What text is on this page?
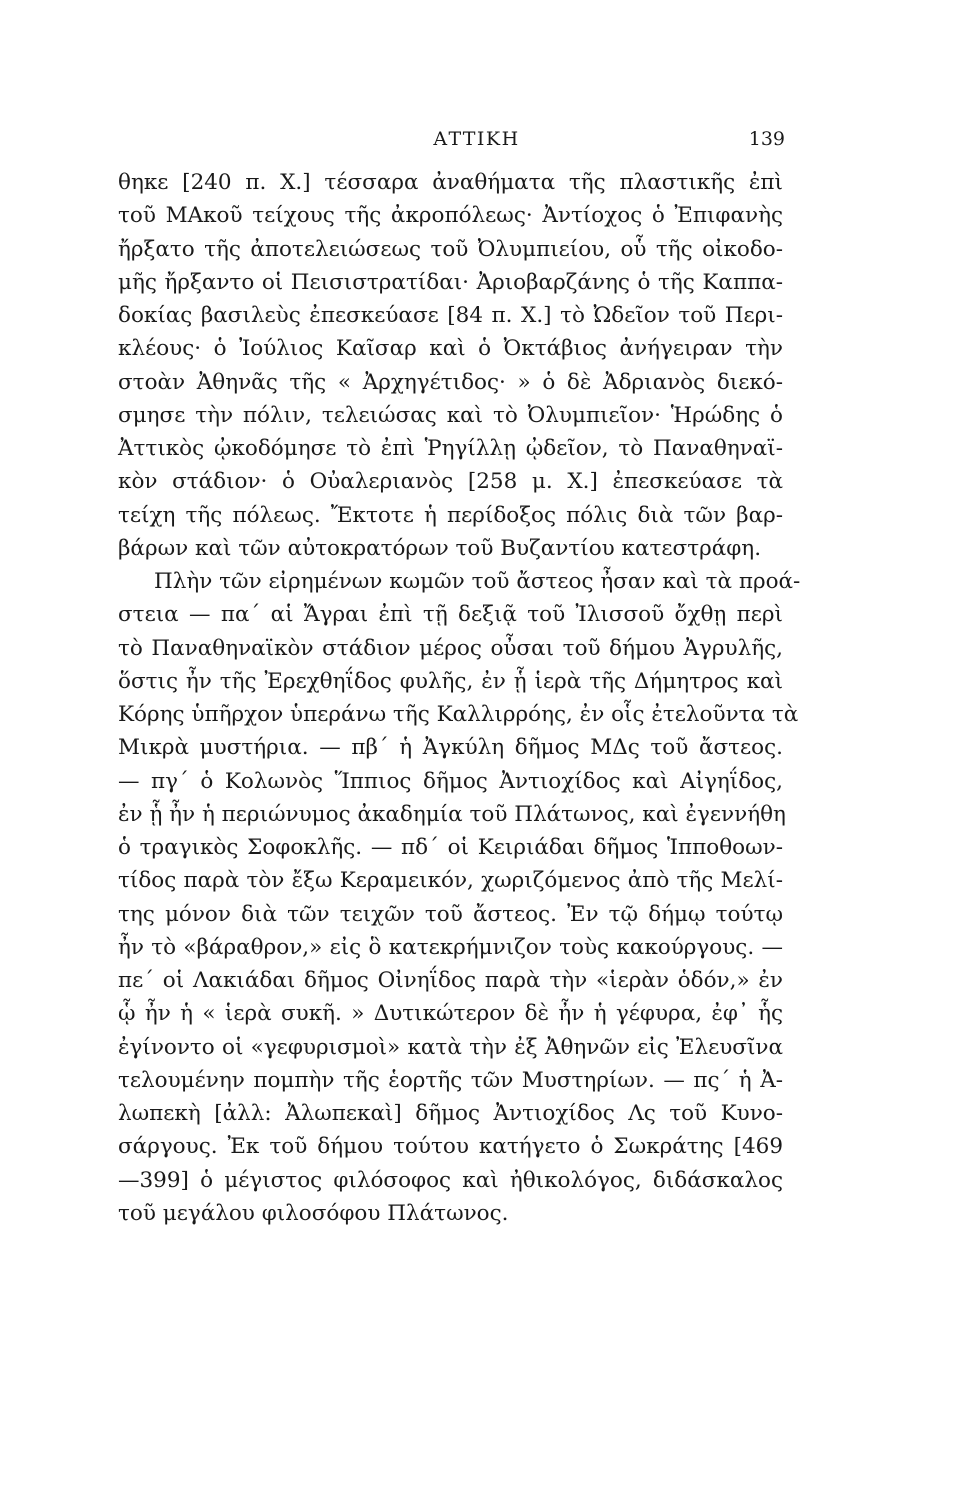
ΑΤΤΙΚΗ	139
θηκε [240 π. Χ.] τέσσαρα ἀναθήματα τῆς πλαστικῆς ἐπὶ
τοῦ ΜΑκοῦ τείχους τῆς ἀκροπόλεως· Ἀντίοχος ὁ Ἐπιφανὴς
ἤρξατο τῆς ἀποτελειώσεως τοῦ Ὀλυμπιείου, οὗ τῆς οἰκοδο-
μῆς ἤρξαντο οἱ Πεισιστρατίδαι· Ἀριοβαρζάνης ὁ τῆς Καππα-
δοκίας βασιλεὺς ἐπεσκεύασε [84 π. Χ.] τὸ Ὠδεῖον τοῦ Περι-
κλέους· ὁ Ἰούλιος Καῖσαρ καὶ ὁ Ὀκτάβιος ἀνήγειραν τὴν
στοὰν Ἀθηνᾶς τῆς « Ἀρχηγέτιδος· » ὁ δὲ Ἀδριανὸς διεκό-
σμησε τὴν πόλιν, τελειώσας καὶ τὸ Ὀλυμπιεῖον· Ἡρώδης ὁ
Ἀττικὸς ᾠκοδόμησε τὸ ἐπὶ Ῥηγίλλῃ ᾠδεῖον, τὸ Παναθηναϊ-
κὸν στάδιον· ὁ Οὐαλεριανὸς [258 μ. Χ.] ἐπεσκεύασε τὰ
τείχη τῆς πόλεως. Ἔκτοτε ἡ περίδοξος πόλις διὰ τῶν βαρ-
βάρων καὶ τῶν αὐτοκρατόρων τοῦ Βυζαντίου κατεστράφη.
Πλὴν τῶν εἰρημένων κωμῶν τοῦ ἄστεος ἦσαν καὶ τὰ προά-
στεια — πα΄ αἱ Ἄγραι ἐπὶ τῇ δεξιᾷ τοῦ Ἰλισσοῦ ὄχθῃ περὶ
τὸ Παναθηναϊκὸν στάδιον μέρος οὖσαι τοῦ δήμου Ἀγρυλῆς,
ὅστις ἦν τῆς Ἐρεχθηΐδος φυλῆς, ἐν ᾗ ἱερὰ τῆς Δήμητρος καὶ
Κόρης ὑπῆρχον ὑπεράνω τῆς Καλλιρρόης, ἐν οἷς ἐτελοῦντα τὰ
Μικρὰ μυστήρια. — πβ΄ ἡ Ἀγκύλη δῆμος ΜΔς τοῦ ἄστεος.
— πγ΄ ὁ Κολωνὸς Ἵππιος δῆμος Ἀντιοχίδος καὶ Αἰγηΐδος,
ἐν ᾗ ἦν ἡ περιώνυμος ἀκαδημία τοῦ Πλάτωνος, καὶ ἐγεννήθη
ὁ τραγικὸς Σοφοκλῆς. — πδ΄ οἱ Κειριάδαι δῆμος Ἱπποθοων-
τίδος παρὰ τὸν ἔξω Κεραμεικόν, χωριζόμενος ἀπὸ τῆς Μελί-
της μόνον διὰ τῶν τειχῶν τοῦ ἄστεος. Ἐν τῷ δήμῳ τούτῳ
ἦν τὸ «βάραθρον,» εἰς ὃ κατεκρήμνιζον τοὺς κακούργους. —
πε΄ οἱ Λακιάδαι δῆμος Οἰνηΐδος παρὰ τὴν «ἱερὰν ὁδόν,» ἐν
ᾧ ἦν ἡ « ἱερὰ συκῆ. » Δυτικώτερον δὲ ἦν ἡ γέφυρα, ἐφ᾽ ἧς
ἐγίνοντο οἱ «γεφυρισμοὶ» κατὰ τὴν ἐξ Ἀθηνῶν εἰς Ἐλευσῖνα
τελουμένην πομπὴν τῆς ἑορτῆς τῶν Μυστηρίων. — πς΄ ἡ Ἀ-
λωπεκὴ [ἀλλ: Ἀλωπεκαὶ] δῆμος Ἀντιοχίδος Λς τοῦ Κυνο-
σάργους. Ἐκ τοῦ δήμου τούτου κατήγετο ὁ Σωκράτης [469
—399] ὁ μέγιστος φιλόσοφος καὶ ἠθικολόγος, διδάσκαλος
τοῦ μεγάλου φιλοσόφου Πλάτωνος.
